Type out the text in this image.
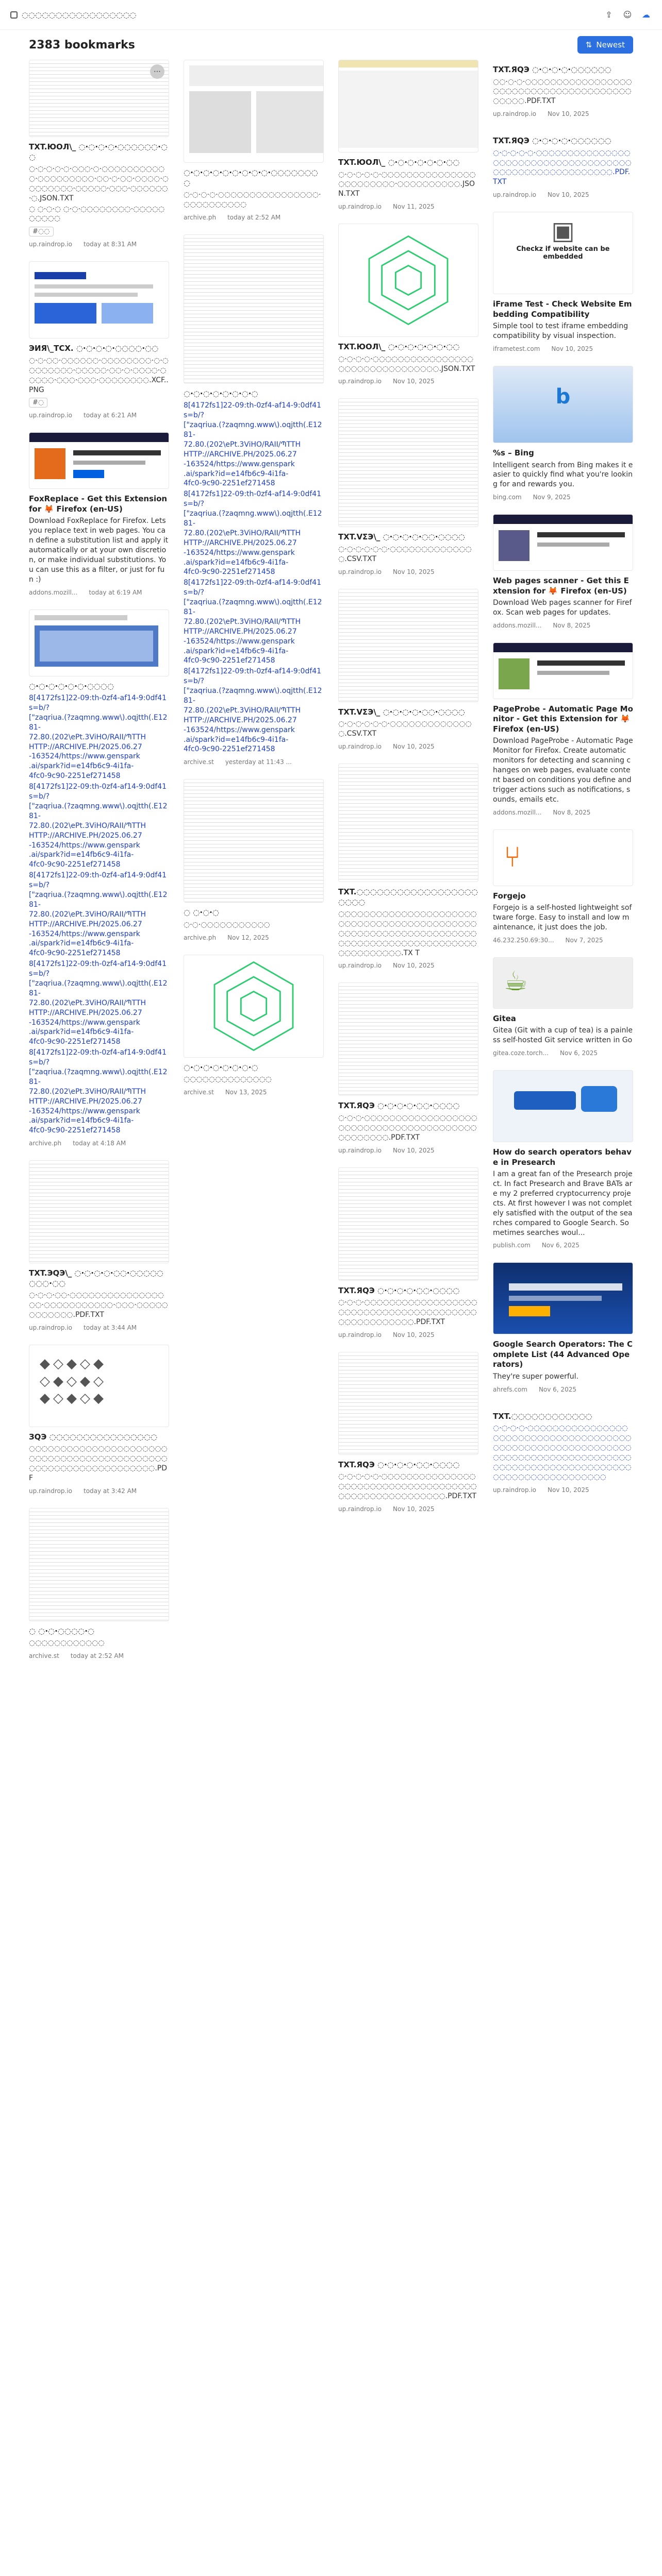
◌◌◌◌◌◌◌◌◌◌◌◌◌◌◌◌◌	⇪ ☺ ☁
2383 bookmarks	⇅ Newest
⋯
TXT.ЮOЛ\_ ◌·◌·◌·◌·◌◌◌◌◌◌·◌◌
◌·◌·◌·◌·◌·◌◌◌·◌·◌◌◌◌◌◌◌◌◌◌◌·◌◌◌◌◌◌◌◌◌·◌◌·◌·◌◌·◌◌◌◌·◌◌◌◌◌◌◌◌·◌◌◌◌◌·◌◌◌·◌◌◌◌◌◌·◌.JSON.TXT
◌ ◌·◌·◌ ◌·◌·◌◌◌◌◌◌◌◌·◌◌◌◌◌◌◌◌◌◌
#◌◌
up.raindrop.io today at 8:31 AM
ЭИЯ\_TCX. ◌·◌·◌·◌·◌◌◌◌·◌◌
◌·◌·◌◌·◌◌◌◌◌◌·◌◌◌◌◌◌◌◌·◌·◌◌◌◌◌◌◌◌·◌◌◌◌◌·◌◌·◌·◌◌◌◌·◌◌◌◌◌·◌◌◌·◌◌◌·◌◌◌◌◌◌◌◌.XCF..PNG
#◌
up.raindrop.io today at 6:21 AM
FoxReplace - Get this Extension for 🦊 Firefox (en-US)
Download FoxReplace for Firefox. Lets you replace text in web pages. You can define a substitution list and apply it automatically or at your own discretion, or make individual substitutions. You can use this as a filter, or just for fun :)
addons.mozill... today at 6:19 AM
◌·◌·◌·◌·◌·◌·◌◌◌◌
8[4172fs1]22-09:th-0zf4-af14-9:0df41s=b/?
["zaqriua.(?zaqmng.www\).oqjtth(.E1281-
72.80.(202\ePt.3ViHO/RAII/ՊTTH
HTTP://ARCHIVE.PH/2025.06.27
-163524/https://www.genspark
.ai/spark?id=e14fb6c9-4i1fa-
4fc0-9c90-2251ef271458
8[4172fs1]22-09:th-0zf4-af14-9:0df41s=b/?
["zaqriua.(?zaqmng.www\).oqjtth(.E1281-
72.80.(202\ePt.3ViHO/RAII/ՊTTH
HTTP://ARCHIVE.PH/2025.06.27
-163524/https://www.genspark
.ai/spark?id=e14fb6c9-4i1fa-
4fc0-9c90-2251ef271458
8[4172fs1]22-09:th-0zf4-af14-9:0df41s=b/?
["zaqriua.(?zaqmng.www\).oqjtth(.E1281-
72.80.(202\ePt.3ViHO/RAII/ՊTTH
HTTP://ARCHIVE.PH/2025.06.27
-163524/https://www.genspark
.ai/spark?id=e14fb6c9-4i1fa-
4fc0-9c90-2251ef271458
8[4172fs1]22-09:th-0zf4-af14-9:0df41s=b/?
["zaqriua.(?zaqmng.www\).oqjtth(.E1281-
72.80.(202\ePt.3ViHO/RAII/ՊTTH
HTTP://ARCHIVE.PH/2025.06.27
-163524/https://www.genspark
.ai/spark?id=e14fb6c9-4i1fa-
4fc0-9c90-2251ef271458
8[4172fs1]22-09:th-0zf4-af14-9:0df41s=b/?
["zaqriua.(?zaqmng.www\).oqjtth(.E1281-
72.80.(202\ePt.3ViHO/RAII/ՊTTH
HTTP://ARCHIVE.PH/2025.06.27
-163524/https://www.genspark
.ai/spark?id=e14fb6c9-4i1fa-
4fc0-9c90-2251ef271458
archive.ph today at 4:18 AM
TXT.ЭQЭ\_ ◌·◌·◌·◌·◌◌·◌◌◌◌◌◌◌◌·◌◌
◌·◌·◌·◌◌·◌◌◌◌◌◌◌◌◌◌◌◌◌◌◌◌◌·◌◌◌◌◌◌◌◌◌◌◌·◌◌◌·◌◌◌◌◌◌◌◌◌◌◌◌.PDF.TXT
up.raindrop.io today at 3:44 AM
◆◇◆◇◆
◇◆◇◆◇
◆◇◆◇◆
ЗQЭ ◌◌◌◌◌◌◌◌◌◌◌◌◌◌◌◌
◌◌◌◌◌◌◌◌◌◌◌◌◌◌◌◌◌◌◌◌◌◌◌◌◌◌◌◌◌◌◌◌◌◌◌◌◌◌◌◌◌◌◌◌◌◌◌◌◌◌◌◌◌◌◌◌◌◌◌◌◌◌◌◌.PDF
up.raindrop.io today at 3:42 AM
◌ ◌·◌·◌◌◌◌·◌
◌◌◌◌◌◌◌◌◌◌◌◌
archive.st today at 2:52 AM
◌·◌·◌·◌·◌·◌·◌·◌·◌·◌◌◌◌◌◌◌◌
◌·◌·◌·◌·◌◌◌◌◌◌◌◌◌◌◌◌◌◌◌◌·◌◌◌◌◌◌◌◌◌◌
archive.ph today at 2:52 AM
◌·◌·◌·◌·◌·◌·◌·◌
8[4172fs1]22-09:th-0zf4-af14-9:0df41s=b/?
["zaqriua.(?zaqmng.www\).oqjtth(.E1281-
72.80.(202\ePt.3ViHO/RAII/ՊTTH
HTTP://ARCHIVE.PH/2025.06.27
-163524/https://www.genspark
.ai/spark?id=e14fb6c9-4i1fa-
4fc0-9c90-2251ef271458
8[4172fs1]22-09:th-0zf4-af14-9:0df41s=b/?
["zaqriua.(?zaqmng.www\).oqjtth(.E1281-
72.80.(202\ePt.3ViHO/RAII/ՊTTH
HTTP://ARCHIVE.PH/2025.06.27
-163524/https://www.genspark
.ai/spark?id=e14fb6c9-4i1fa-
4fc0-9c90-2251ef271458
8[4172fs1]22-09:th-0zf4-af14-9:0df41s=b/?
["zaqriua.(?zaqmng.www\).oqjtth(.E1281-
72.80.(202\ePt.3ViHO/RAII/ՊTTH
HTTP://ARCHIVE.PH/2025.06.27
-163524/https://www.genspark
.ai/spark?id=e14fb6c9-4i1fa-
4fc0-9c90-2251ef271458
8[4172fs1]22-09:th-0zf4-af14-9:0df41s=b/?
["zaqriua.(?zaqmng.www\).oqjtth(.E1281-
72.80.(202\ePt.3ViHO/RAII/ՊTTH
HTTP://ARCHIVE.PH/2025.06.27
-163524/https://www.genspark
.ai/spark?id=e14fb6c9-4i1fa-
4fc0-9c90-2251ef271458
archive.st yesterday at 11:43 ...
◌ ◌·◌·◌
◌·◌·◌◌◌◌◌◌◌◌◌◌◌
archive.ph Nov 12, 2025
◌·◌·◌·◌·◌·◌·◌·◌
◌◌◌◌◌◌◌◌◌◌◌◌◌◌
archive.st Nov 13, 2025
TXT.ЮOЛ\_ ◌·◌·◌·◌·◌·◌·◌◌
◌·◌·◌·◌·◌·◌◌◌◌◌◌◌◌◌◌◌◌◌◌◌◌◌◌◌◌◌◌◌◌·◌◌◌◌◌◌◌◌◌◌.JSON.TXT
up.raindrop.io Nov 11, 2025
TXT.ЮOЛ\_ ◌·◌·◌·◌·◌·◌·◌◌
◌·◌·◌·◌·◌◌◌◌◌◌◌◌◌◌◌◌◌◌◌◌◌◌◌◌◌◌◌◌◌◌◌◌◌◌◌◌.JSON.TXT
up.raindrop.io Nov 10, 2025
TXT.VΣЭ\_ ◌·◌·◌·◌·◌◌·◌◌◌◌
◌·◌·◌·◌·◌·◌·◌◌◌◌◌◌◌◌◌◌◌◌◌◌.CSV.TXT
up.raindrop.io Nov 10, 2025
TXT.VΣЭ\_ ◌·◌·◌·◌·◌◌·◌◌◌◌
◌·◌·◌·◌·◌·◌·◌◌◌◌◌◌◌◌◌◌◌◌◌◌.CSV.TXT
up.raindrop.io Nov 10, 2025
TXT.◌◌◌◌◌◌◌◌◌◌◌◌◌◌◌◌◌◌◌◌◌◌
◌◌◌◌◌◌◌◌◌◌◌◌◌◌◌◌◌◌◌◌◌◌◌◌◌◌◌◌◌◌◌◌◌◌◌◌◌◌◌◌◌◌◌◌◌◌◌◌◌◌◌◌◌◌◌◌◌◌◌◌◌◌◌◌◌◌◌◌◌◌◌◌◌◌◌◌◌◌◌◌◌◌◌◌◌◌◌◌◌◌◌◌◌◌◌◌◌◌.TX T
up.raindrop.io Nov 10, 2025
TXT.ЯQЭ ◌·◌·◌·◌·◌◌·◌◌◌◌
◌·◌·◌·◌◌◌◌◌◌◌◌◌◌◌◌◌◌◌◌◌◌◌◌◌◌◌◌◌◌◌◌◌◌◌◌◌◌◌◌◌◌◌◌◌◌◌◌◌◌◌◌.PDF.TXT
up.raindrop.io Nov 10, 2025
TXT.ЯQЭ ◌·◌·◌·◌·◌◌·◌◌◌◌
◌·◌·◌·◌◌◌◌◌◌◌◌◌◌◌◌◌◌◌◌◌◌◌◌◌◌◌◌◌◌◌◌◌◌◌◌◌◌◌◌◌◌◌◌◌◌◌◌◌◌◌◌◌◌◌◌.PDF.TXT
up.raindrop.io Nov 10, 2025
TXT.ЯQЭ ◌·◌·◌·◌·◌◌·◌◌◌◌
◌·◌·◌·◌·◌·◌◌◌◌◌◌◌◌◌◌◌◌◌◌◌◌◌◌◌◌◌◌◌◌◌◌◌◌◌◌◌◌◌◌◌◌◌◌◌◌◌◌◌◌◌◌◌◌◌◌◌◌◌◌.PDF.TXT
up.raindrop.io Nov 10, 2025
TXT.ЯQЭ ◌·◌·◌·◌·◌◌◌◌◌◌
◌◌·◌·◌·◌◌◌◌◌◌◌◌◌◌◌◌◌◌◌◌◌◌◌◌◌◌◌◌◌◌◌◌◌◌◌◌◌◌◌◌◌◌◌◌◌◌◌◌.PDF.TXT
up.raindrop.io Nov 10, 2025
TXT.ЯQЭ ◌·◌·◌·◌·◌◌◌◌◌◌
◌·◌·◌·◌·◌·◌◌◌◌◌◌◌◌◌◌◌◌◌◌◌◌◌◌◌◌◌◌◌◌◌◌◌◌◌◌◌◌◌◌◌◌◌◌◌◌◌◌◌◌◌◌◌◌◌◌◌◌◌◌◌◌.PDF.TXT
up.raindrop.io Nov 10, 2025
▣
Checkz if website can be embedded
iFrame Test - Check Website Embedding Compatibility
Simple tool to test iframe embedding compatibility by visual inspection.
iframetest.com Nov 10, 2025
b
%s – Bing
Intelligent search from Bing makes it easier to quickly find what you're looking for and rewards you.
bing.com Nov 9, 2025
Web pages scanner - Get this Extension for 🦊 Firefox (en-US)
Download Web pages scanner for Firefox. Scan web pages for updates.
addons.mozill... Nov 8, 2025
PageProbe - Automatic Page Monitor - Get this Extension for 🦊 Firefox (en-US)
Download PageProbe - Automatic Page Monitor for Firefox. Create automatic monitors for detecting and scanning changes on web pages, evaluate content based on conditions you define and trigger actions such as notifications, sounds, emails etc.
addons.mozill... Nov 8, 2025
⑂
Forgejo
Forgejo is a self-hosted lightweight software forge. Easy to install and low maintenance, it just does the job.
46.232.250.69:30... Nov 7, 2025
☕
Gitea
Gitea (Git with a cup of tea) is a painless self-hosted Git service written in Go
gitea.coze.torch... Nov 6, 2025
How do search operators behave in Presearch
I am a great fan of the Presearch project. In fact Presearch and Brave BATs are my 2 preferred cryptocurrency projects. At first however I was not completely satisfied with the output of the searches compared to Google Search. Sometimes searches woul...
publish.com Nov 6, 2025
Google Search Operators: The Complete List (44 Advanced Operators)
They're super powerful.
ahrefs.com Nov 6, 2025
TXT.◌◌◌◌◌◌◌◌◌◌◌◌
◌·◌·◌·◌·◌◌◌◌◌◌◌◌◌◌◌◌◌◌◌◌◌◌◌◌◌◌◌◌◌◌◌◌◌◌◌◌◌◌◌◌◌◌◌◌◌◌◌◌◌◌◌◌◌◌◌◌◌◌◌◌◌◌◌◌◌◌◌◌◌◌◌◌◌◌◌◌◌◌◌◌◌◌◌◌◌◌◌◌◌◌◌◌◌◌◌◌◌◌◌◌◌◌◌◌◌◌◌◌◌◌◌◌◌◌◌◌◌◌◌◌◌◌◌◌◌◌
up.raindrop.io Nov 10, 2025
